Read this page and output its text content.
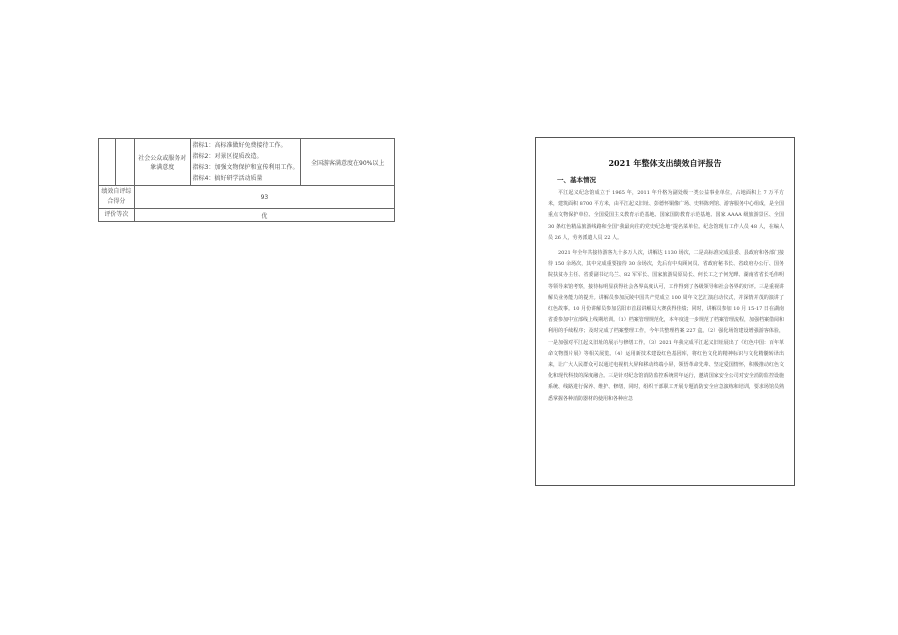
		社会公众或服务对象满意度	指标1：高标准做好免费接待工作。
指标2：对景区提质改造。
指标3：加强文物保护和宣传利用工作。
指标4：搞好研学活动质量	全国游客满意度在90%以上
绩效自评综合得分		93		
评价等次		优		
2021 年整体支出绩效自评报告
一、基本情况

平江起义纪念馆成立于 1965 年，2011 年升格为副处级一类公益事业单位，占地面积上 7 万平方米，建筑面积 8700 平方米，由平江起义旧址、彭德怀铜像广场、史料陈列馆、游客服务中心组成，是全国重点文物保护单位、全国爱国主义教育示范基地、国家国防教育示范基地、国家 AAAA 级旅游景区、全国 30 条红色精品旅游线路和全国“我最向往的党史纪念地”提名菜单位。纪念馆现有工作人员 48 人，在编人员 26 人，劳务派遣人员 22 人。

2021 年全年共接待游客九十多万人次，讲解达 1130 场次，二是高标准完成县委、县政府和各部门接待 150 余场次，其中完成重要接待 30 余场次，先后有中央顾问员、省政府秘书长、省政府办公厅、国务院扶贫办主任、省委副书记乌兰、82 军军长、国家旅游局原局长、何长工之子何光曄、湖南省省长毛伟明等领导来馆考察，接待标明显获得社会各界高度认可，工作得到了各级领导和社会各界的好评。三是重视讲解员业务能力的提升。讲解员参加沅陵中国共产党成立 100 周年文艺汇演启动仪式，并深情并茂的演讲了红色故事。10 月份讲解员参加岳阳市首届讲解员大赛获得佳绩；同时，讲解员参加 10 月 15-17 日在湖南省委参加中宣部线上线期培训。（1）档案管理规范化，本年度进一步规范了档案管理流程，加强档案借阅和利用的手续程序；及时完成了档案整理工作，今年共整理档案 227 盒。（2）强化场馆建设增强游客体验，一是加强对平江起义旧址的展示与修缮工作。（3）2021 年我完成平江起义旧址展出了《红色中国：百年革命文物图片展》等相关展览。（4）运用新技术建设红色基因库，将红色文化的精神标识与文化精髓转译出来，让广大人民群众可以通过电视机大屏和移动终端小屏，领悟革命先辈、坚定爱国情怀，积极推动红色文化和现代科技的深度融合。三是针对纪念馆消防监控系统常年运行，邀请国家安全公司对安全消防监控设施系统、线路进行保养、维护、修缮，同时，组织干部职工开展专题消防安全应急演练和培训，要求场馆员熟悉掌握各种消防器材的使用和各种应急
